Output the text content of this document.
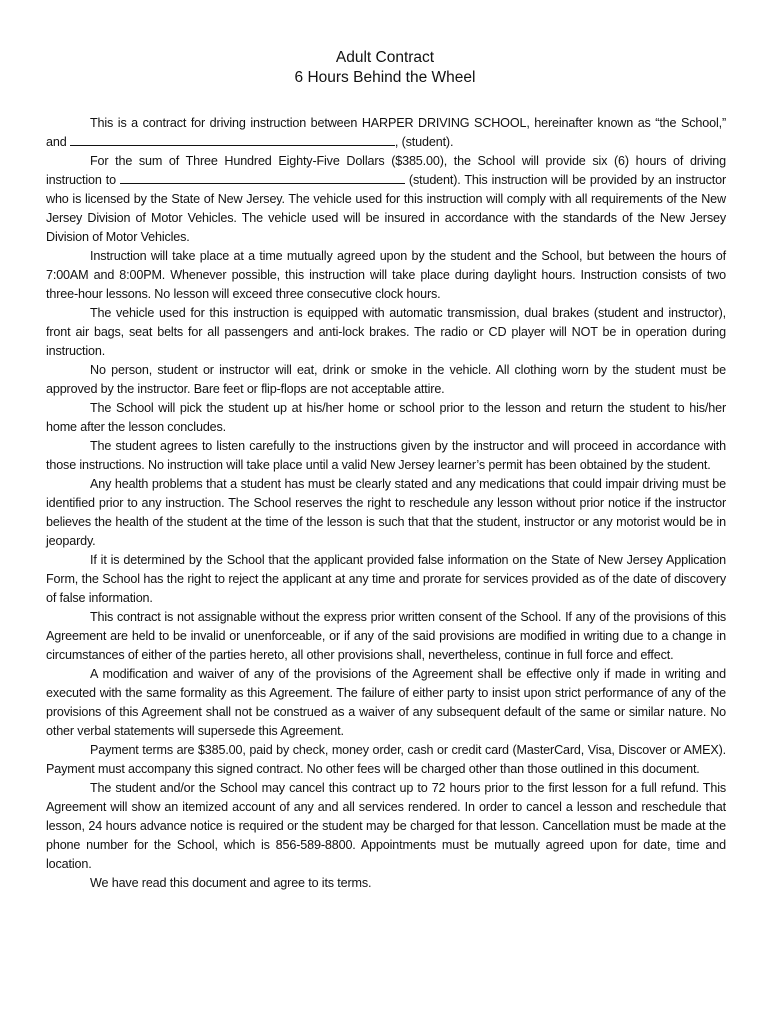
Adult Contract
6 Hours Behind the Wheel

This is a contract for driving instruction between HARPER DRIVING SCHOOL, hereinafter known as “the School,” and	, (student).

For the sum of Three Hundred Eighty-Five Dollars ($385.00), the School will provide six (6) hours of driving instruction to	(student). This instruction will be provided by an instructor who is licensed by the State of New Jersey. The vehicle used for this instruction will comply with all requirements of the New Jersey Division of Motor Vehicles. The vehicle used will be insured in accordance with the standards of the New Jersey Division of Motor Vehicles.

Instruction will take place at a time mutually agreed upon by the student and the School, but between the hours of 7:00AM and 8:00PM. Whenever possible, this instruction will take place during daylight hours. Instruction consists of two three-hour lessons. No lesson will exceed three consecutive clock hours.

The vehicle used for this instruction is equipped with automatic transmission, dual brakes (student and instructor), front air bags, seat belts for all passengers and anti-lock brakes. The radio or CD player will NOT be in operation during instruction.

No person, student or instructor will eat, drink or smoke in the vehicle. All clothing worn by the student must be approved by the instructor. Bare feet or flip-flops are not acceptable attire.

The School will pick the student up at his/her home or school prior to the lesson and return the student to his/her home after the lesson concludes.

The student agrees to listen carefully to the instructions given by the instructor and will proceed in accordance with those instructions. No instruction will take place until a valid New Jersey learner’s permit has been obtained by the student.

Any health problems that a student has must be clearly stated and any medications that could impair driving must be identified prior to any instruction. The School reserves the right to reschedule any lesson without prior notice if the instructor believes the health of the student at the time of the lesson is such that that the student, instructor or any motorist would be in jeopardy.

If it is determined by the School that the applicant provided false information on the State of New Jersey Application Form, the School has the right to reject the applicant at any time and prorate for services provided as of the date of discovery of false information.

This contract is not assignable without the express prior written consent of the School. If any of the provisions of this Agreement are held to be invalid or unenforceable, or if any of the said provisions are modified in writing due to a change in circumstances of either of the parties hereto, all other provisions shall, nevertheless, continue in full force and effect.

A modification and waiver of any of the provisions of the Agreement shall be effective only if made in writing and executed with the same formality as this Agreement. The failure of either party to insist upon strict performance of any of the provisions of this Agreement shall not be construed as a waiver of any subsequent default of the same or similar nature. No other verbal statements will supersede this Agreement.

Payment terms are $385.00, paid by check, money order, cash or credit card (MasterCard, Visa, Discover or AMEX). Payment must accompany this signed contract. No other fees will be charged other than those outlined in this document.

The student and/or the School may cancel this contract up to 72 hours prior to the first lesson for a full refund. This Agreement will show an itemized account of any and all services rendered. In order to cancel a lesson and reschedule that lesson, 24 hours advance notice is required or the student may be charged for that lesson. Cancellation must be made at the phone number for the School, which is 856-589-8800. Appointments must be mutually agreed upon for date, time and location.

We have read this document and agree to its terms.
